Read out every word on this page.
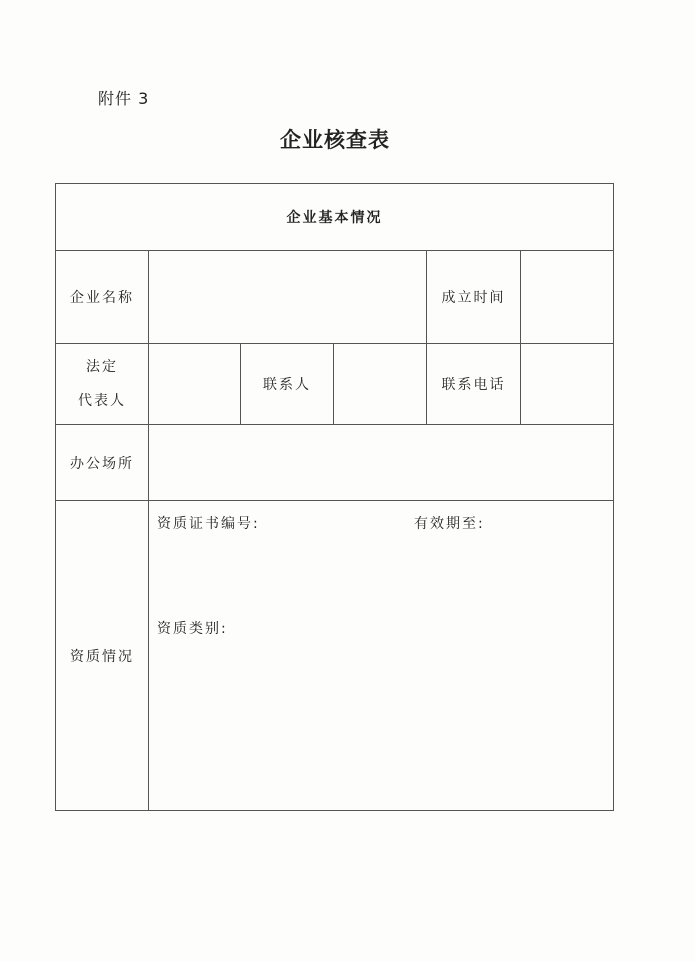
附件 3
企业核查表
企业基本情况					
企业名称				成立时间	

法定
代表人		联系人		联系电话	
办公场所					
资质情况	资质证书编号: 有效期至:
资质类别:				
